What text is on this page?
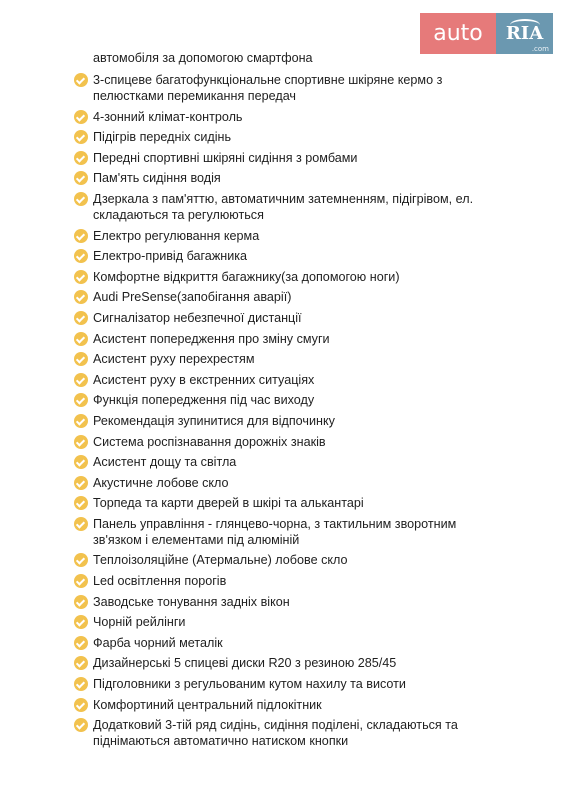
auto	RIA
.com
автомобіля за допомогою смартфона
3-спицеве багатофункціональне спортивне шкіряне кермо з
пелюстками перемикання передач
4-зонний клімат-контроль
Підігрів передніх сидінь
Передні спортивні шкіряні сидіння з ромбами
Пам'ять сидіння водія
Дзеркала з пам'яттю, автоматичним затемненням, підігрівом, ел.
складаються та регулюються
Електро регулювання керма
Електро-привід багажника
Комфортне відкриття багажнику(за допомогою ноги)
Audi PreSense(запобігання аварії)
Сигналізатор небезпечної дистанції
Асистент попередження про зміну смуги
Асистент руху перехрестям
Асистент руху в екстренних ситуаціях
Функція попередження під час виходу
Рекомендація зупинитися для відпочинку
Система роспізнавання дорожніх знаків
Асистент дощу та світла
Акустичне лобове скло
Торпеда та карти дверей в шкірі та алькантарі
Панель управління - глянцево-чорна, з тактильним зворотним
зв'язком і елементами під алюміній
Теплоізоляційне (Атермальне) лобове скло
Led освітлення порогів
Заводське тонування задніх вікон
Чорній рейлінги
Фарба чорний металік
Дизайнерські 5 спицеві диски R20 з резиною 285/45
Підголовники з регульованим кутом нахилу та висоти
Комфортиний центральний підлокітник
Додатковий 3-тій ряд сидінь, сидіння поділені, складаються та
піднімаються автоматично натиском кнопки
